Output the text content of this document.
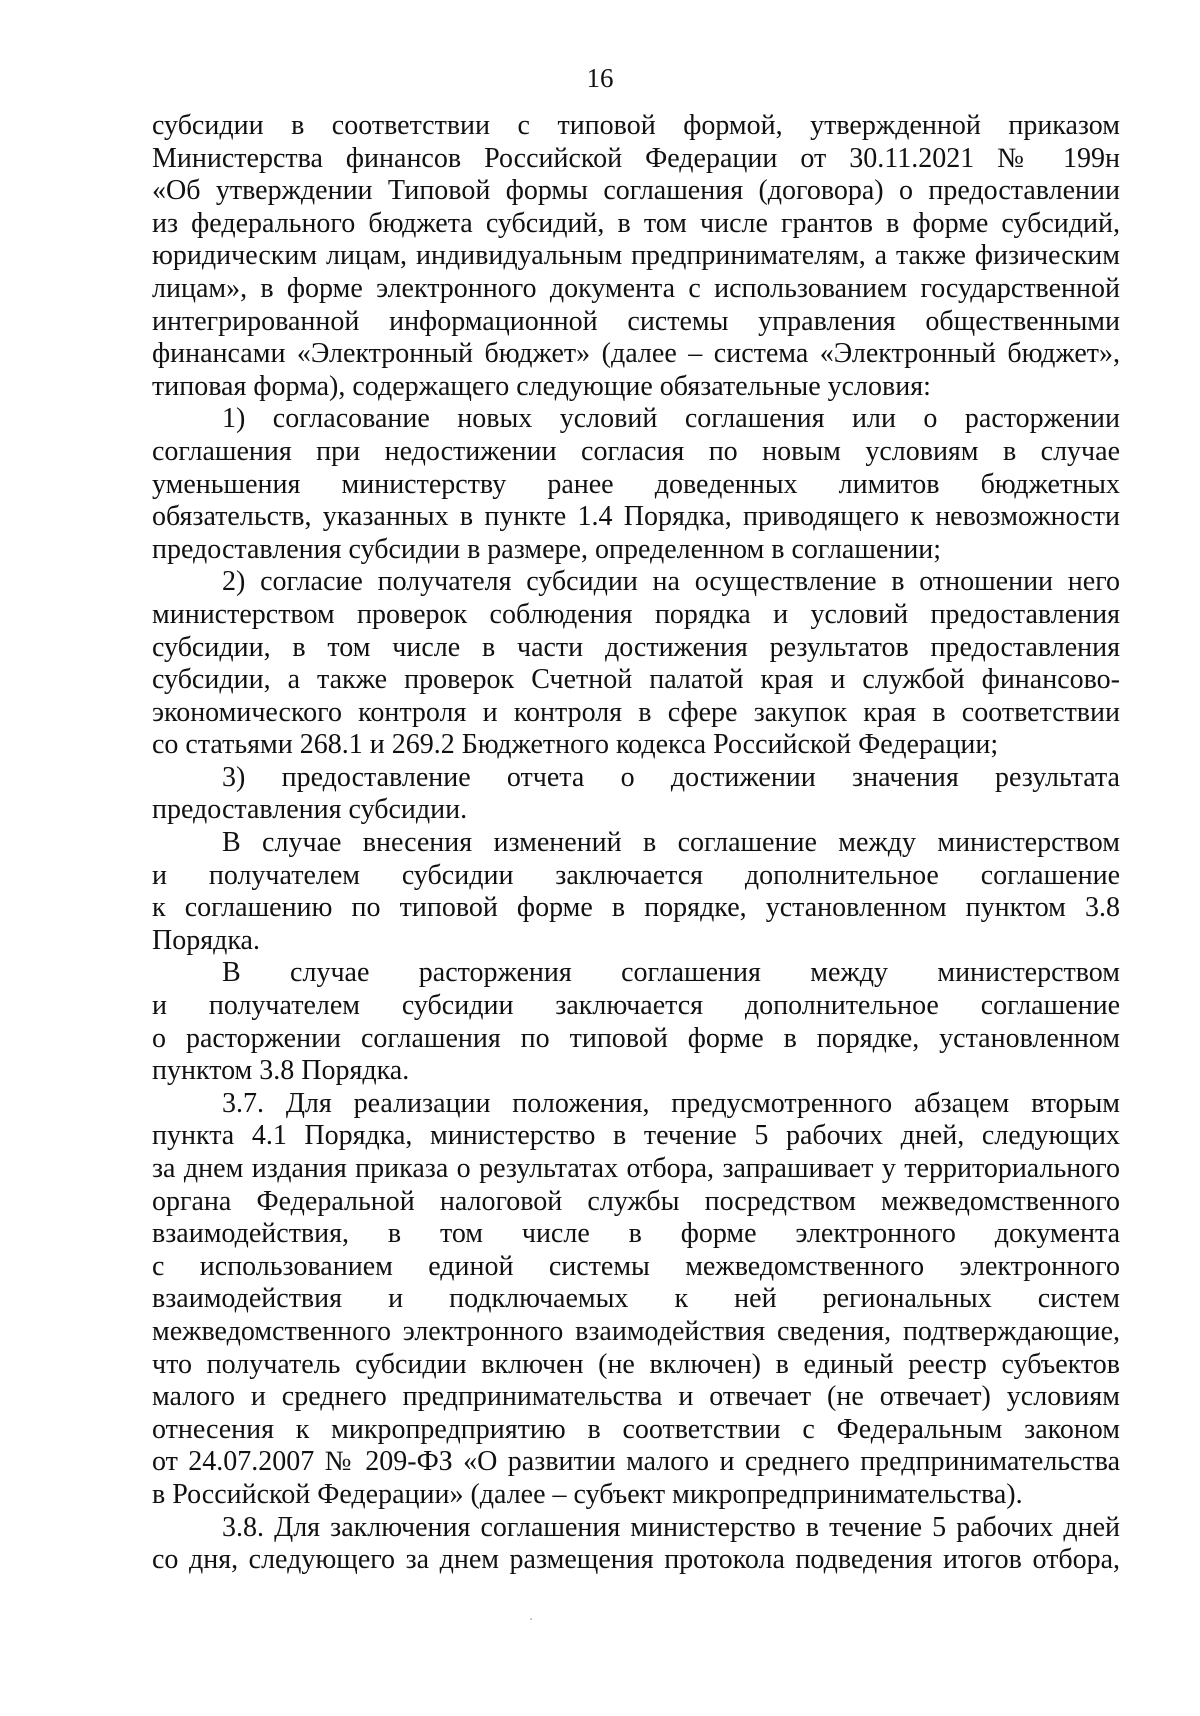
16

субсидии в соответствии с типовой формой, утвержденной приказом
Министерства финансов Российской Федерации от 30.11.2021 № 199н
«Об утверждении Типовой формы соглашения (договора) о предоставлении
из федерального бюджета субсидий, в том числе грантов в форме субсидий,
юридическим лицам, индивидуальным предпринимателям, а также физическим
лицам», в форме электронного документа с использованием государственной
интегрированной информационной системы управления общественными
финансами «Электронный бюджет» (далее – система «Электронный бюджет»,
типовая форма), содержащего следующие обязательные условия:

1) согласование новых условий соглашения или о расторжении
соглашения при недостижении согласия по новым условиям в случае
уменьшения министерству ранее доведенных лимитов бюджетных
обязательств, указанных в пункте 1.4 Порядка, приводящего к невозможности
предоставления субсидии в размере, определенном в соглашении;

2) согласие получателя субсидии на осуществление в отношении него
министерством проверок соблюдения порядка и условий предоставления
субсидии, в том числе в части достижения результатов предоставления
субсидии, а также проверок Счетной палатой края и службой финансово-
экономического контроля и контроля в сфере закупок края в соответствии
со статьями 268.1 и 269.2 Бюджетного кодекса Российской Федерации;

3) предоставление отчета о достижении значения результата
предоставления субсидии.

В случае внесения изменений в соглашение между министерством
и получателем субсидии заключается дополнительное соглашение
к соглашению по типовой форме в порядке, установленном пунктом 3.8
Порядка.

В случае расторжения соглашения между министерством
и получателем субсидии заключается дополнительное соглашение
о расторжении соглашения по типовой форме в порядке, установленном
пунктом 3.8 Порядка.

3.7. Для реализации положения, предусмотренного абзацем вторым
пункта 4.1 Порядка, министерство в течение 5 рабочих дней, следующих
за днем издания приказа о результатах отбора, запрашивает у территориального
органа Федеральной налоговой службы посредством межведомственного
взаимодействия, в том числе в форме электронного документа
с использованием единой системы межведомственного электронного
взаимодействия и подключаемых к ней региональных систем
межведомственного электронного взаимодействия сведения, подтверждающие,
что получатель субсидии включен (не включен) в единый реестр субъектов
малого и среднего предпринимательства и отвечает (не отвечает) условиям
отнесения к микропредприятию в соответствии с Федеральным законом
от 24.07.2007 № 209-ФЗ «О развитии малого и среднего предпринимательства
в Российской Федерации» (далее – субъект микропредпринимательства).

3.8. Для заключения соглашения министерство в течение 5 рабочих дней
со дня, следующего за днем размещения протокола подведения итогов отбора,
